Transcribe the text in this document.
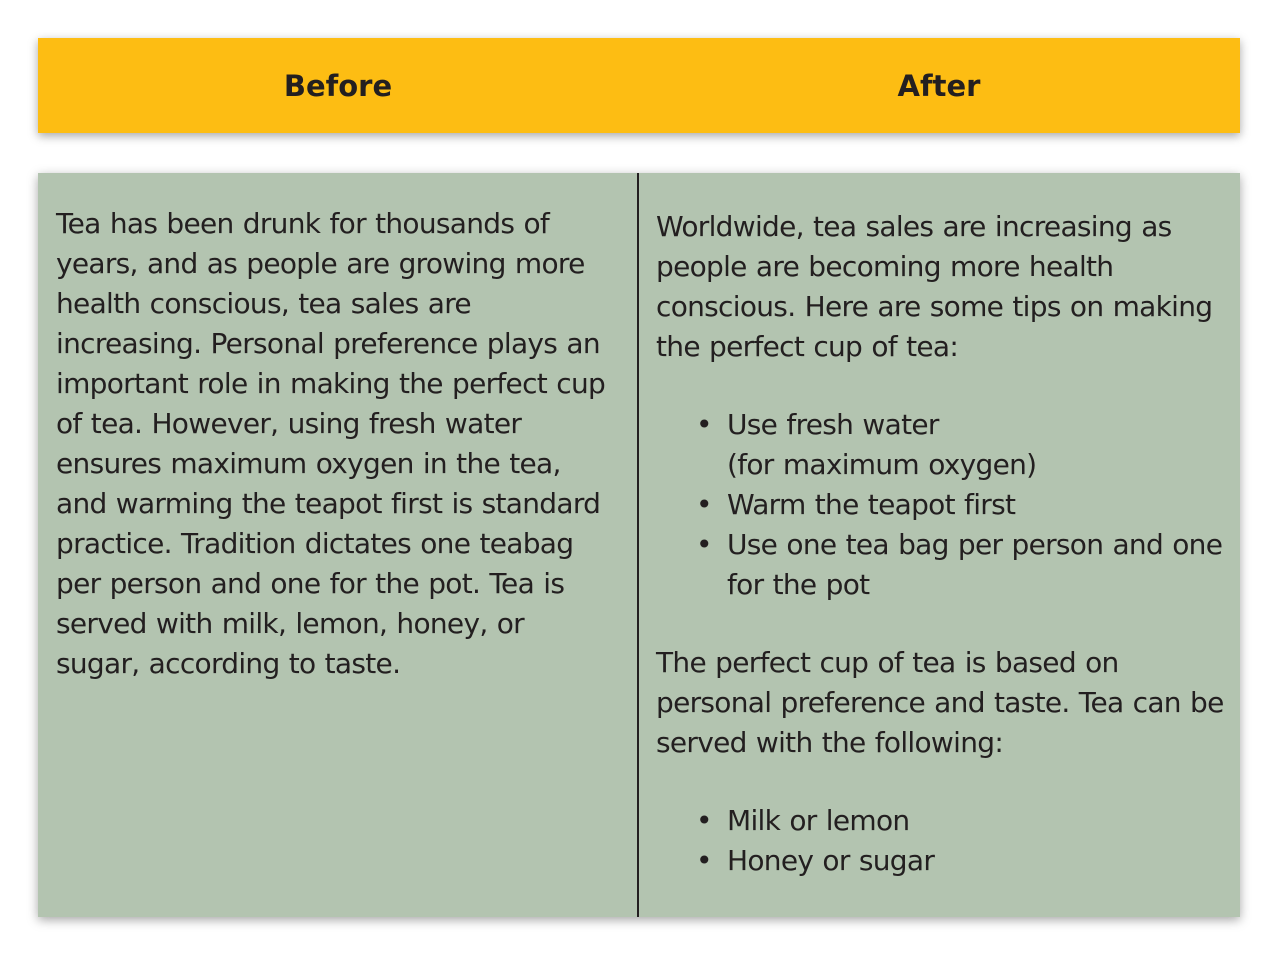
Before	After

Tea has been drunk for thousands of years, and as people are growing more health conscious, tea sales are increasing. Personal preference plays an important role in making the perfect cup of tea. However, using fresh water ensures maximum oxygen in the tea, and warming the teapot first is standard practice. Tradition dictates one teabag per person and one for the pot. Tea is served with milk, lemon, honey, or sugar, according to taste.

Worldwide, tea sales are increasing as people are becoming more health conscious. Here are some tips on making the perfect cup of tea:

• Use fresh water
(for maximum oxygen)
• Warm the teapot first
• Use one tea bag per person and one for the pot

The perfect cup of tea is based on personal preference and taste. Tea can be served with the following:

• Milk or lemon
• Honey or sugar
